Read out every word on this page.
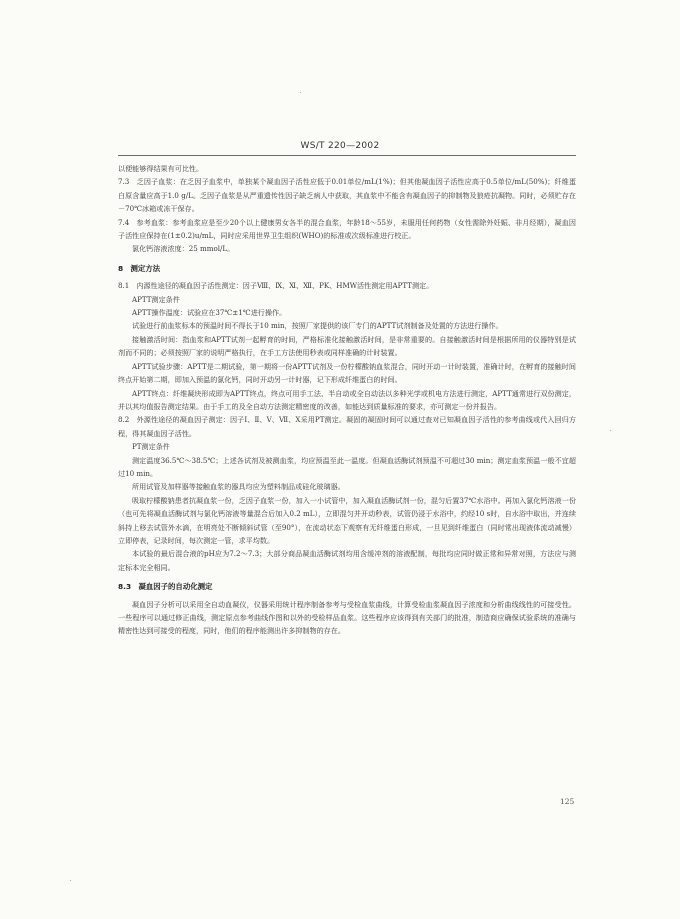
WS/T 220—2002

以便能够得结果有可比性。

7.3　乏因子血浆：在乏因子血浆中，单独某个凝血因子活性应低于0.01单位/mL(1%)；但其他凝血因子活性应高于0.5单位/mL(50%)；纤维蛋白原含量应高于1.0 g/L。乏因子血浆是从严重遗传性因子缺乏病人中获取，其血浆中不能含有凝血因子的抑制物及狼疮抗凝物。同时，必须贮存在－70℃冰箱或冻干保存。

7.4　参考血浆：参考血浆应是至少20个以上健康男女各半的混合血浆，年龄18～55岁，未服用任何药物（女性需除外妊娠、非月经期），凝血因子活性应保持在(1±0.2)u/mL，同时应采用世界卫生组织(WHO)的标准或次级标准进行校正。

氯化钙溶液浓度：25 mmol/L。

8　测定方法

8.1　内源性途径的凝血因子活性测定：因子Ⅷ、Ⅸ、Ⅺ、Ⅻ、PK、HMW活性测定用APTT测定。

APTT测定条件

APTT操作温度：试验应在37℃±1℃进行操作。

试验进行前血浆标本的预温时间不得长于10 min，按照厂家提供的该厂专门的APTT试剂制备及处置的方法进行操作。

接触激活时间：指血浆和APTT试剂一起孵育的时间，严格标准化接触激活时间，是非常重要的。自接触激活时间是根据所用的仪器特别是试剂而不同的；必须按照厂家的说明严格执行，在手工方法使用秒表或同样准确的计时装置。

APTT试验步骤：APTT是二期试验，第一期将一份APTT试剂及一份柠檬酸钠血浆混合，同时开动一计时装置，准确计时，在孵育的接触时间终点开始第二期，即加入预温的氯化钙，同时开动另一计时器，记下形成纤维蛋白的时间。

APTT终点：纤维凝块形成即为APTT终点，终点可用手工法、半自动或全自动法以多种光学或机电方法进行测定，APTT通常进行双份测定，并以其均值报告测定结果。由于手工的及全自动方法测定精密度的改善，如能达到质量标准的要求，亦可测定一份并报告。

8.2　外源性途径的凝血因子测定：因子Ⅰ、Ⅱ、Ⅴ、Ⅶ、Ⅹ采用PT测定。凝固的凝固时间可以通过查对已知凝血因子活性的参考曲线或代入回归方程，得其凝血因子活性。

PT测定条件

测定温度36.5℃～38.5℃；上述各试剂及被测血浆，均应预温至此一温度。但凝血活酶试剂预温不可超过30 min；测定血浆预温一般不宜超过10 min。

所用试管及加样器等接触血浆的器具均应为塑料制品或硅化玻璃器。

吸取柠檬酸钠患者抗凝血浆一份，乏因子血浆一份，加入一小试管中，加入凝血活酶试剂一份，混匀后置37℃水浴中。再加入氯化钙溶液一份（也可先将凝血活酶试剂与氯化钙溶液等量混合后加入0.2 mL），立即混匀并开动秒表，试管仍浸于水浴中，约经10 s时，自水浴中取出，并连续斜持上移去试管外水滴，在明亮处不断倾斜试管（至90°），在流动状态下观察有无纤维蛋白形成，一旦见到纤维蛋白（同时常出现液体流动减慢）立即停表，记录时间，每次测定一管，求平均数。

本试验的最后混合液的pH应为7.2～7.3；大部分商品凝血活酶试剂均用含缓冲剂的溶液配制，每批均应同时做正常和异常对照，方法应与测定标本完全相同。

8.3　凝血因子的自动化测定

凝血因子分析可以采用全自动血凝仪，仪器采用统计程序制备参考与受检血浆曲线，计算受检血浆凝血因子浓度和分析曲线线性的可接受性。一些程序可以通过修正曲线，测定原点参考曲线作图和以外的受检样品血浆。这些程序应该得到有关部门的批准，制造商应确保试验系统的准确与精密性达到可接受的程度，同时，他们的程序能测出许多抑制物的存在。

125
